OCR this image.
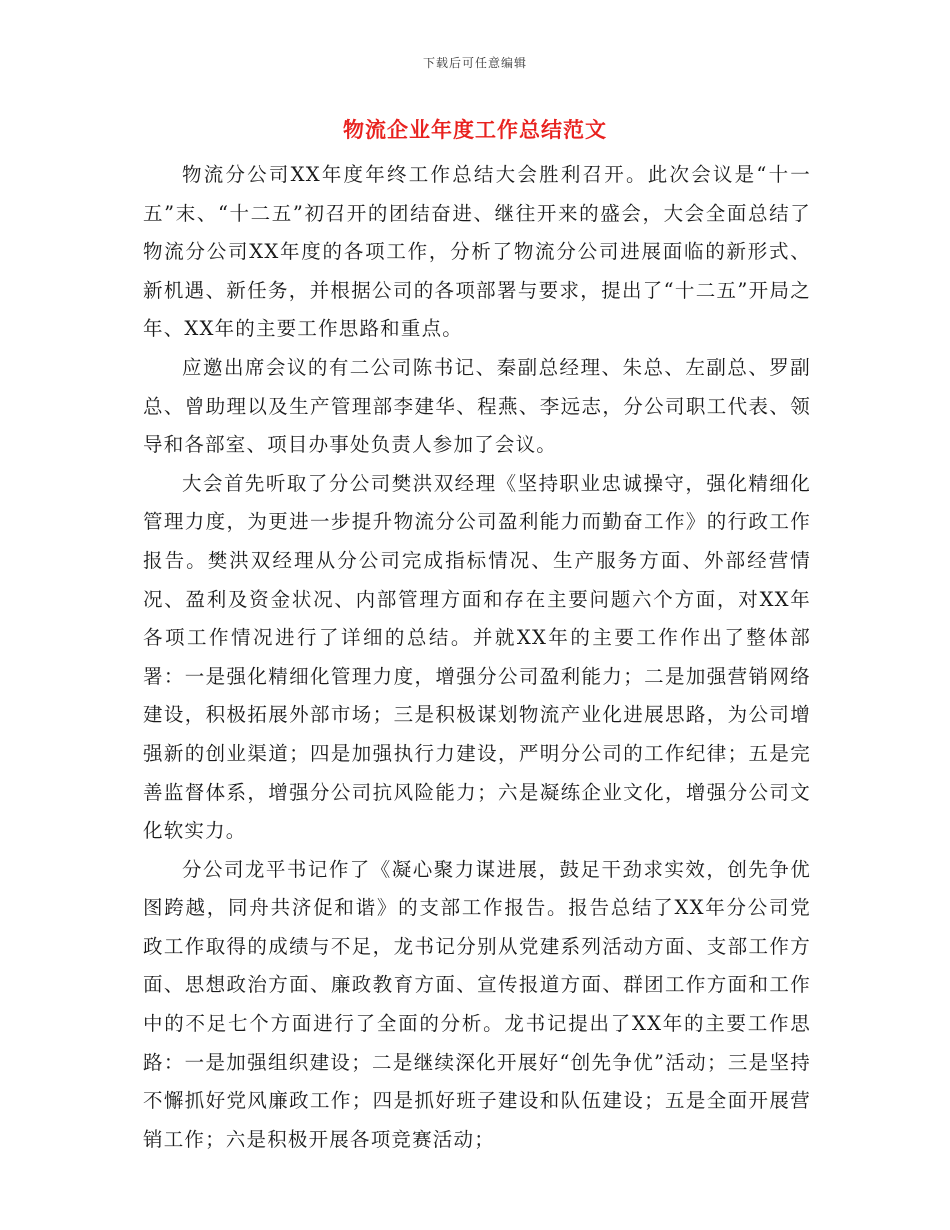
下载后可任意编辑
物流企业年度工作总结范文

物流分公司XX年度年终工作总结大会胜利召开。此次会议是“十一五”末、“十二五”初召开的团结奋进、继往开来的盛会，大会全面总结了物流分公司XX年度的各项工作，分析了物流分公司进展面临的新形式、新机遇、新任务，并根据公司的各项部署与要求，提出了“十二五”开局之年、XX年的主要工作思路和重点。

应邀出席会议的有二公司陈书记、秦副总经理、朱总、左副总、罗副总、曾助理以及生产管理部李建华、程燕、李远志，分公司职工代表、领导和各部室、项目办事处负责人参加了会议。

大会首先听取了分公司樊洪双经理《坚持职业忠诚操守，强化精细化管理力度，为更进一步提升物流分公司盈利能力而勤奋工作》的行政工作报告。樊洪双经理从分公司完成指标情况、生产服务方面、外部经营情况、盈利及资金状况、内部管理方面和存在主要问题六个方面，对XX年各项工作情况进行了详细的总结。并就XX年的主要工作作出了整体部署：一是强化精细化管理力度，增强分公司盈利能力；二是加强营销网络建设，积极拓展外部市场；三是积极谋划物流产业化进展思路，为公司增强新的创业渠道；四是加强执行力建设，严明分公司的工作纪律；五是完善监督体系，增强分公司抗风险能力；六是凝练企业文化，增强分公司文化软实力。

分公司龙平书记作了《凝心聚力谋进展，鼓足干劲求实效，创先争优图跨越，同舟共济促和谐》的支部工作报告。报告总结了XX年分公司党政工作取得的成绩与不足，龙书记分别从党建系列活动方面、支部工作方面、思想政治方面、廉政教育方面、宣传报道方面、群团工作方面和工作中的不足七个方面进行了全面的分析。龙书记提出了XX年的主要工作思路：一是加强组织建设；二是继续深化开展好“创先争优”活动；三是坚持不懈抓好党风廉政工作；四是抓好班子建设和队伍建设；五是全面开展营销工作；六是积极开展各项竞赛活动；
